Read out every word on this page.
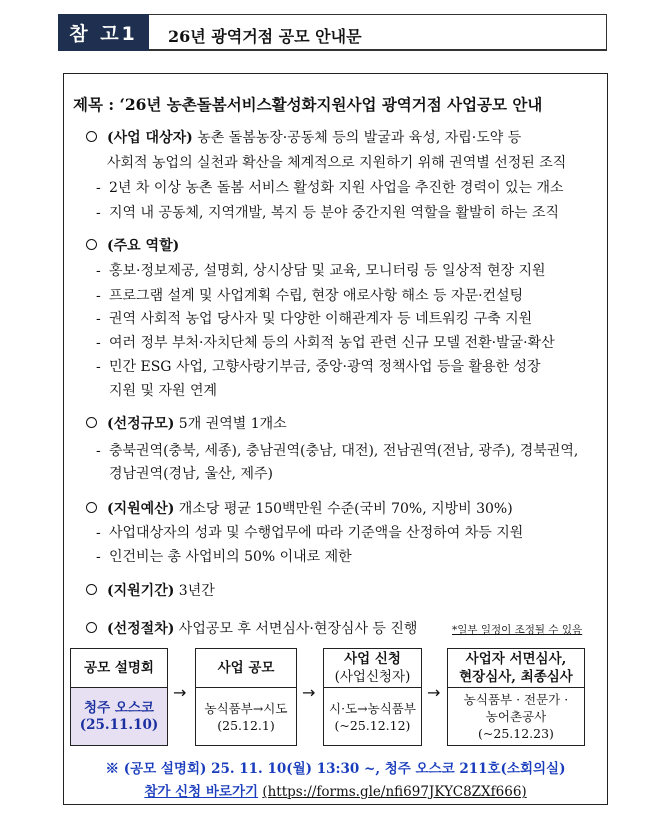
참 고1	26년 광역거점 공모 안내문
제목 : ‘26년 농촌돌봄서비스활성화지원사업 광역거점 사업공모 안내
(사업 대상자) 농촌 돌봄농장·공동체 등의 발굴과 육성, 자립·도약 등
사회적 농업의 실천과 확산을 체계적으로 지원하기 위해 권역별 선정된 조직
- 2년 차 이상 농촌 돌봄 서비스 활성화 지원 사업을 추진한 경력이 있는 개소
- 지역 내 공동체, 지역개발, 복지 등 분야 중간지원 역할을 활발히 하는 조직
(주요 역할)
- 홍보·정보제공, 설명회, 상시상담 및 교육, 모니터링 등 일상적 현장 지원
- 프로그램 설계 및 사업계획 수립, 현장 애로사항 해소 등 자문·컨설팅
- 권역 사회적 농업 당사자 및 다양한 이해관계자 등 네트워킹 구축 지원
- 여러 정부 부처·자치단체 등의 사회적 농업 관련 신규 모델 전환·발굴·확산
- 민간 ESG 사업, 고향사랑기부금, 중앙·광역 정책사업 등을 활용한 성장
지원 및 자원 연계
(선정규모) 5개 권역별 1개소
- 충북권역(충북, 세종), 충남권역(충남, 대전), 전남권역(전남, 광주), 경북권역,
경남권역(경남, 울산, 제주)
(지원예산) 개소당 평균 150백만원 수준(국비 70%, 지방비 30%)
- 사업대상자의 성과 및 수행업무에 따라 기준액을 산정하여 차등 지원
- 인건비는 총 사업비의 50% 이내로 제한
(지원기간) 3년간
(선정절차) 사업공모 후 서면심사·현장심사 등 진행	*일부 일정이 조정될 수 있음
공모 설명회
청주 오스코
(25.11.10)
→
사업 공모
농식품부→시도
(25.12.1)
→
사업 신청
(사업신청자)
시·도→농식품부
(~25.12.12)
→
사업자 서면심사,
현장심사, 최종심사
농식품부 · 전문가 ·
농어촌공사
(~25.12.23)
※ (공모 설명회) 25. 11. 10(월) 13:30 ~, 청주 오스코 211호(소회의실)
참가 신청 바로가기 (https://forms.gle/nfi697JKYC8ZXf666)
